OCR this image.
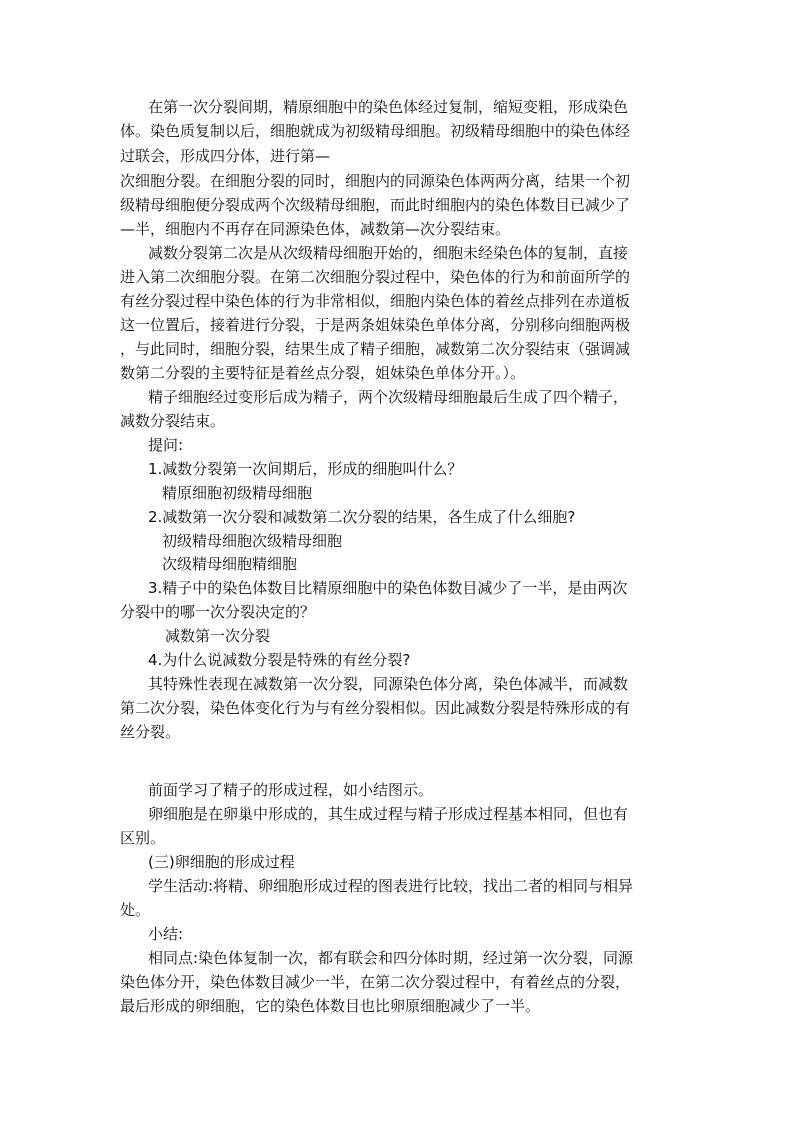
在第一次分裂间期，精原细胞中的染色体经过复制，缩短变粗，形成染色
体。染色质复制以后，细胞就成为初级精母细胞。初级精母细胞中的染色体经
过联会，形成四分体，进行第—
次细胞分裂。在细胞分裂的同时，细胞内的同源染色体两两分离，结果一个初
级精母细胞便分裂成两个次级精母细胞，而此时细胞内的染色体数目已减少了
—半，细胞内不再存在同源染色体，减数第—次分裂结束。
减数分裂第二次是从次级精母细胞开始的，细胞未经染色体的复制，直接
进入第二次细胞分裂。在第二次细胞分裂过程中，染色体的行为和前面所学的
有丝分裂过程中染色体的行为非常相似，细胞内染色体的着丝点排列在赤道板
这一位置后，接着进行分裂，于是两条姐妹染色单体分离，分别移向细胞两极
，与此同时，细胞分裂，结果生成了精子细胞，减数第二次分裂结束（强调减
数第二分裂的主要特征是着丝点分裂，姐妹染色单体分开。）。
精子细胞经过变形后成为精子，两个次级精母细胞最后生成了四个精子，
减数分裂结束。
提问:
1.减数分裂第一次间期后，形成的细胞叫什么？
精原细胞初级精母细胞
2.减数第一次分裂和减数第二次分裂的结果，各生成了什么细胞?
初级精母细胞次级精母细胞
次级精母细胞精细胞
3.精子中的染色体数目比精原细胞中的染色体数目减少了一半，是由两次
分裂中的哪一次分裂决定的？
减数第一次分裂
4.为什么说减数分裂是特殊的有丝分裂?
其特殊性表现在减数第一次分裂，同源染色体分离，染色体减半，而减数
第二次分裂，染色体变化行为与有丝分裂相似。因此减数分裂是特殊形成的有
丝分裂。
前面学习了精子的形成过程，如小结图示。
卵细胞是在卵巢中形成的，其生成过程与精子形成过程基本相同，但也有
区别。
(三)卵细胞的形成过程
学生活动:将精、卵细胞形成过程的图表进行比较，找出二者的相同与相异
处。
小结:
相同点:染色体复制一次，都有联会和四分体时期，经过第一次分裂，同源
染色体分开，染色体数目减少一半，在第二次分裂过程中，有着丝点的分裂，
最后形成的卵细胞，它的染色体数目也比卵原细胞减少了一半。
